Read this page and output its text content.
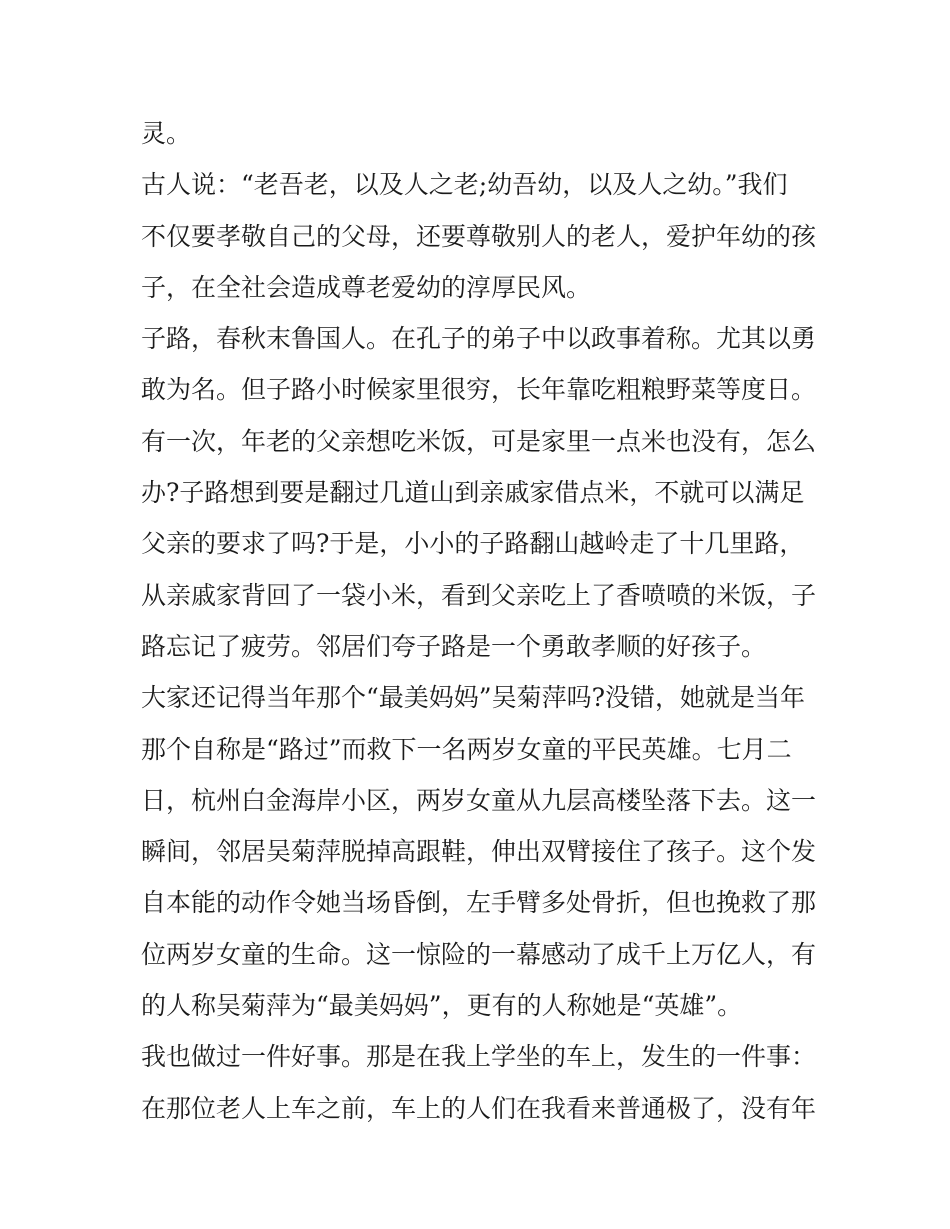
灵。
古人说：“老吾老，以及人之老;幼吾幼，以及人之幼。”我们
不仅要孝敬自己的父母，还要尊敬别人的老人，爱护年幼的孩
子，在全社会造成尊老爱幼的淳厚民风。
子路，春秋末鲁国人。在孔子的弟子中以政事着称。尤其以勇
敢为名。但子路小时候家里很穷，长年靠吃粗粮野菜等度日。
有一次，年老的父亲想吃米饭，可是家里一点米也没有，怎么
办?子路想到要是翻过几道山到亲戚家借点米，不就可以满足
父亲的要求了吗?于是，小小的子路翻山越岭走了十几里路，
从亲戚家背回了一袋小米，看到父亲吃上了香喷喷的米饭，子
路忘记了疲劳。邻居们夸子路是一个勇敢孝顺的好孩子。
大家还记得当年那个“最美妈妈”吴菊萍吗?没错，她就是当年
那个自称是“路过”而救下一名两岁女童的平民英雄。七月二
日，杭州白金海岸小区，两岁女童从九层高楼坠落下去。这一
瞬间，邻居吴菊萍脱掉高跟鞋，伸出双臂接住了孩子。这个发
自本能的动作令她当场昏倒，左手臂多处骨折，但也挽救了那
位两岁女童的生命。这一惊险的一幕感动了成千上万亿人，有
的人称吴菊萍为“最美妈妈”，更有的人称她是“英雄”。
我也做过一件好事。那是在我上学坐的车上，发生的一件事：
在那位老人上车之前，车上的人们在我看来普通极了，没有年
